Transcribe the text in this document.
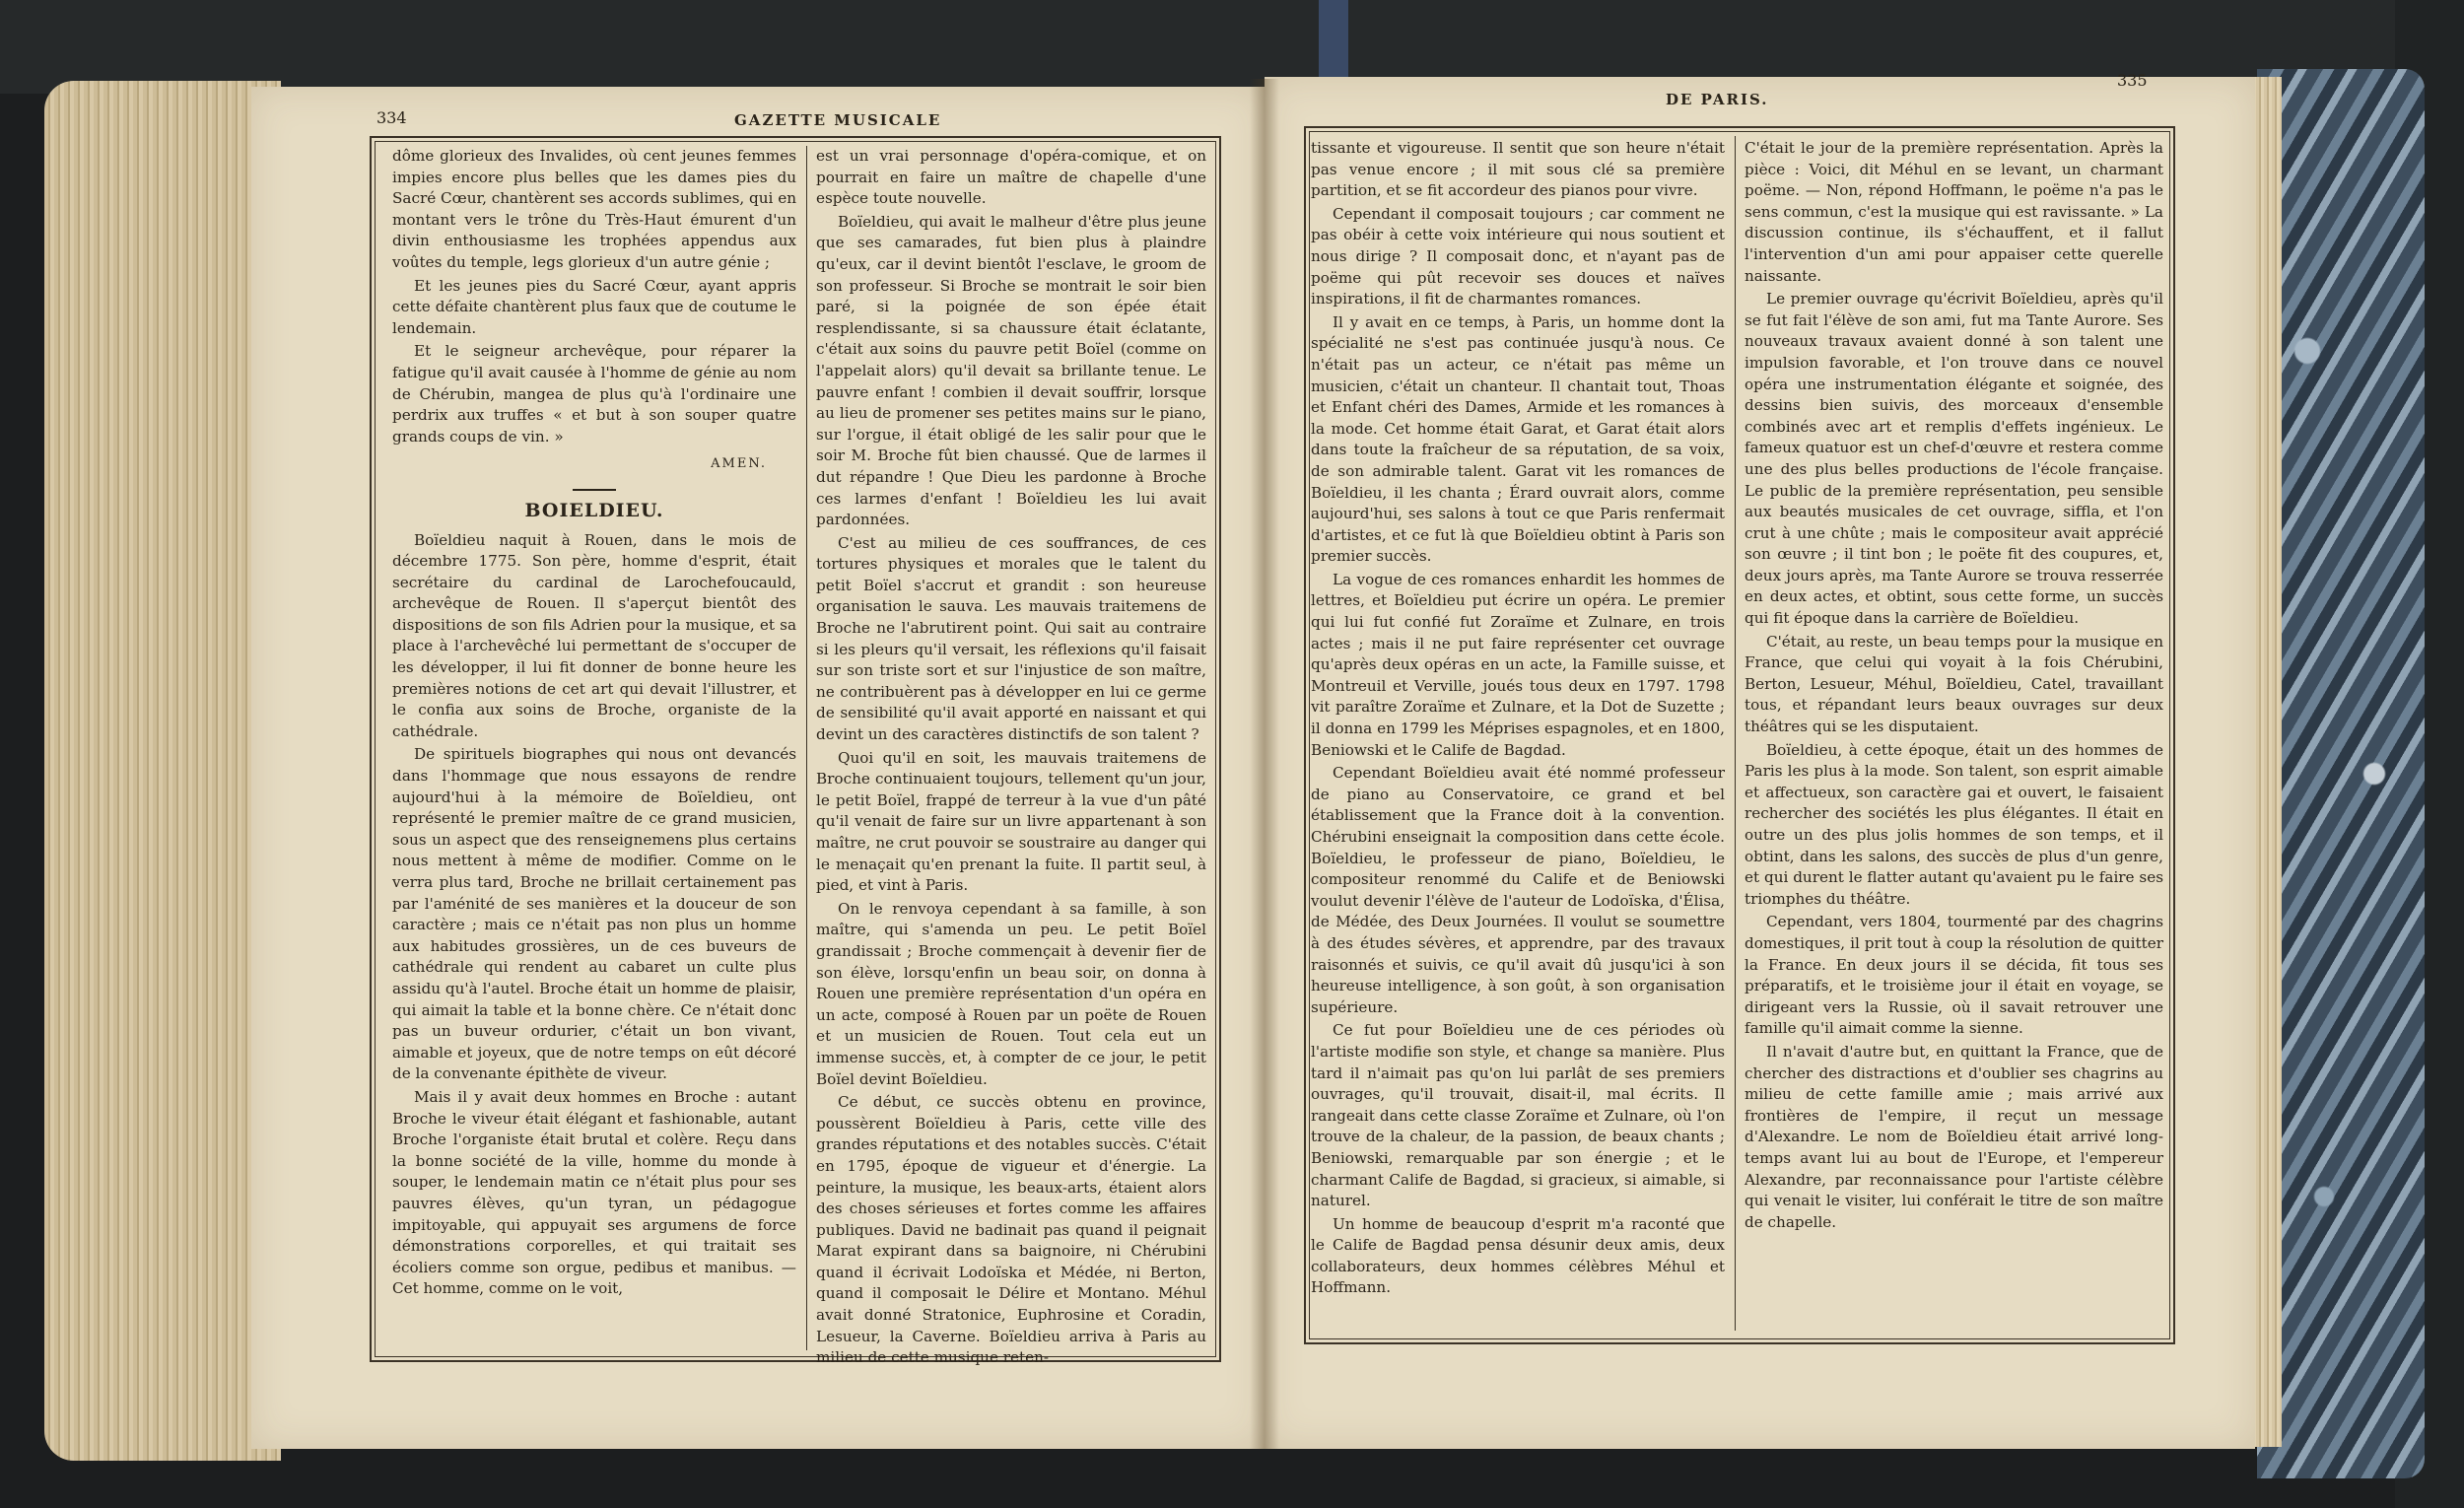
334	GAZETTE MUSICALE
DE PARIS.
335

dôme glorieux des Invalides, où cent jeunes femmes impies encore plus belles que les dames pies du Sacré Cœur, chantèrent ses accords sublimes, qui en montant vers le trône du Très-Haut émurent d'un divin enthousiasme les trophées appendus aux voûtes du temple, legs glorieux d'un autre génie ;

Et les jeunes pies du Sacré Cœur, ayant appris cette défaite chantèrent plus faux que de coutume le lendemain.

Et le seigneur archevêque, pour réparer la fatigue qu'il avait causée à l'homme de génie au nom de Chérubin, mangea de plus qu'à l'ordinaire une perdrix aux truffes « et but à son souper quatre grands coups de vin. »

AMEN.

BOIELDIEU.

Boïeldieu naquit à Rouen, dans le mois de décembre 1775. Son père, homme d'esprit, était secrétaire du cardinal de Larochefoucauld, archevêque de Rouen. Il s'aperçut bientôt des dispositions de son fils Adrien pour la musique, et sa place à l'archevêché lui permettant de s'occuper de les développer, il lui fit donner de bonne heure les premières notions de cet art qui devait l'illustrer, et le confia aux soins de Broche, organiste de la cathédrale.

De spirituels biographes qui nous ont devancés dans l'hommage que nous essayons de rendre aujourd'hui à la mémoire de Boïeldieu, ont représenté le premier maître de ce grand musicien, sous un aspect que des renseignemens plus certains nous mettent à même de modifier. Comme on le verra plus tard, Broche ne brillait certainement pas par l'aménité de ses manières et la douceur de son caractère ; mais ce n'était pas non plus un homme aux habitudes grossières, un de ces buveurs de cathédrale qui rendent au cabaret un culte plus assidu qu'à l'autel. Broche était un homme de plaisir, qui aimait la table et la bonne chère. Ce n'était donc pas un buveur ordurier, c'était un bon vivant, aimable et joyeux, que de notre temps on eût décoré de la convenante épithète de viveur.

Mais il y avait deux hommes en Broche : autant Broche le viveur était élégant et fashionable, autant Broche l'organiste était brutal et colère. Reçu dans la bonne société de la ville, homme du monde à souper, le lendemain matin ce n'était plus pour ses pauvres élèves, qu'un tyran, un pédagogue impitoyable, qui appuyait ses argumens de force démonstrations corporelles, et qui traitait ses écoliers comme son orgue, pedibus et manibus. — Cet homme, comme on le voit,

est un vrai personnage d'opéra-comique, et on pourrait en faire un maître de chapelle d'une espèce toute nouvelle.

Boïeldieu, qui avait le malheur d'être plus jeune que ses camarades, fut bien plus à plaindre qu'eux, car il devint bientôt l'esclave, le groom de son professeur. Si Broche se montrait le soir bien paré, si la poignée de son épée était resplendissante, si sa chaussure était éclatante, c'était aux soins du pauvre petit Boïel (comme on l'appelait alors) qu'il devait sa brillante tenue. Le pauvre enfant ! combien il devait souffrir, lorsque au lieu de promener ses petites mains sur le piano, sur l'orgue, il était obligé de les salir pour que le soir M. Broche fût bien chaussé. Que de larmes il dut répandre ! Que Dieu les pardonne à Broche ces larmes d'enfant ! Boïeldieu les lui avait pardonnées.

C'est au milieu de ces souffrances, de ces tortures physiques et morales que le talent du petit Boïel s'accrut et grandit : son heureuse organisation le sauva. Les mauvais traitemens de Broche ne l'abrutirent point. Qui sait au contraire si les pleurs qu'il versait, les réflexions qu'il faisait sur son triste sort et sur l'injustice de son maître, ne contribuèrent pas à développer en lui ce germe de sensibilité qu'il avait apporté en naissant et qui devint un des caractères distinctifs de son talent ?

Quoi qu'il en soit, les mauvais traitemens de Broche continuaient toujours, tellement qu'un jour, le petit Boïel, frappé de terreur à la vue d'un pâté qu'il venait de faire sur un livre appartenant à son maître, ne crut pouvoir se soustraire au danger qui le menaçait qu'en prenant la fuite. Il partit seul, à pied, et vint à Paris.

On le renvoya cependant à sa famille, à son maître, qui s'amenda un peu. Le petit Boïel grandissait ; Broche commençait à devenir fier de son élève, lorsqu'enfin un beau soir, on donna à Rouen une première représentation d'un opéra en un acte, composé à Rouen par un poëte de Rouen et un musicien de Rouen. Tout cela eut un immense succès, et, à compter de ce jour, le petit Boïel devint Boïeldieu.

Ce début, ce succès obtenu en province, poussèrent Boïeldieu à Paris, cette ville des grandes réputations et des notables succès. C'était en 1795, époque de vigueur et d'énergie. La peinture, la musique, les beaux-arts, étaient alors des choses sérieuses et fortes comme les affaires publiques. David ne badinait pas quand il peignait Marat expirant dans sa baignoire, ni Chérubini quand il écrivait Lodoïska et Médée, ni Berton, quand il composait le Délire et Montano. Méhul avait donné Stratonice, Euphrosine et Coradin, Lesueur, la Caverne. Boïeldieu arriva à Paris au milieu de cette musique reten-

tissante et vigoureuse. Il sentit que son heure n'était pas venue encore ; il mit sous clé sa première partition, et se fit accordeur des pianos pour vivre.

Cependant il composait toujours ; car comment ne pas obéir à cette voix intérieure qui nous soutient et nous dirige ? Il composait donc, et n'ayant pas de poëme qui pût recevoir ses douces et naïves inspirations, il fit de charmantes romances.

Il y avait en ce temps, à Paris, un homme dont la spécialité ne s'est pas continuée jusqu'à nous. Ce n'était pas un acteur, ce n'était pas même un musicien, c'était un chanteur. Il chantait tout, Thoas et Enfant chéri des Dames, Armide et les romances à la mode. Cet homme était Garat, et Garat était alors dans toute la fraîcheur de sa réputation, de sa voix, de son admirable talent. Garat vit les romances de Boïeldieu, il les chanta ; Érard ouvrait alors, comme aujourd'hui, ses salons à tout ce que Paris renfermait d'artistes, et ce fut là que Boïeldieu obtint à Paris son premier succès.

La vogue de ces romances enhardit les hommes de lettres, et Boïeldieu put écrire un opéra. Le premier qui lui fut confié fut Zoraïme et Zulnare, en trois actes ; mais il ne put faire représenter cet ouvrage qu'après deux opéras en un acte, la Famille suisse, et Montreuil et Verville, joués tous deux en 1797. 1798 vit paraître Zoraïme et Zulnare, et la Dot de Suzette ; il donna en 1799 les Méprises espagnoles, et en 1800, Beniowski et le Calife de Bagdad.

Cependant Boïeldieu avait été nommé professeur de piano au Conservatoire, ce grand et bel établissement que la France doit à la convention. Chérubini enseignait la composition dans cette école. Boïeldieu, le professeur de piano, Boïeldieu, le compositeur renommé du Calife et de Beniowski voulut devenir l'élève de l'auteur de Lodoïska, d'Élisa, de Médée, des Deux Journées. Il voulut se soumettre à des études sévères, et apprendre, par des travaux raisonnés et suivis, ce qu'il avait dû jusqu'ici à son heureuse intelligence, à son goût, à son organisation supérieure.

Ce fut pour Boïeldieu une de ces périodes où l'artiste modifie son style, et change sa manière. Plus tard il n'aimait pas qu'on lui parlât de ses premiers ouvrages, qu'il trouvait, disait-il, mal écrits. Il rangeait dans cette classe Zoraïme et Zulnare, où l'on trouve de la chaleur, de la passion, de beaux chants ; Beniowski, remarquable par son énergie ; et le charmant Calife de Bagdad, si gracieux, si aimable, si naturel.

Un homme de beaucoup d'esprit m'a raconté que le Calife de Bagdad pensa désunir deux amis, deux collaborateurs, deux hommes célèbres Méhul et Hoffmann.

C'était le jour de la première représentation. Après la pièce : Voici, dit Méhul en se levant, un charmant poëme. — Non, répond Hoffmann, le poëme n'a pas le sens commun, c'est la musique qui est ravissante. » La discussion continue, ils s'échauffent, et il fallut l'intervention d'un ami pour appaiser cette querelle naissante.

Le premier ouvrage qu'écrivit Boïeldieu, après qu'il se fut fait l'élève de son ami, fut ma Tante Aurore. Ses nouveaux travaux avaient donné à son talent une impulsion favorable, et l'on trouve dans ce nouvel opéra une instrumentation élégante et soignée, des dessins bien suivis, des morceaux d'ensemble combinés avec art et remplis d'effets ingénieux. Le fameux quatuor est un chef-d'œuvre et restera comme une des plus belles productions de l'école française. Le public de la première représentation, peu sensible aux beautés musicales de cet ouvrage, siffla, et l'on crut à une chûte ; mais le compositeur avait apprécié son œuvre ; il tint bon ; le poëte fit des coupures, et, deux jours après, ma Tante Aurore se trouva resserrée en deux actes, et obtint, sous cette forme, un succès qui fit époque dans la carrière de Boïeldieu.

C'était, au reste, un beau temps pour la musique en France, que celui qui voyait à la fois Chérubini, Berton, Lesueur, Méhul, Boïeldieu, Catel, travaillant tous, et répandant leurs beaux ouvrages sur deux théâtres qui se les disputaient.

Boïeldieu, à cette époque, était un des hommes de Paris les plus à la mode. Son talent, son esprit aimable et affectueux, son caractère gai et ouvert, le faisaient rechercher des sociétés les plus élégantes. Il était en outre un des plus jolis hommes de son temps, et il obtint, dans les salons, des succès de plus d'un genre, et qui durent le flatter autant qu'avaient pu le faire ses triomphes du théâtre.

Cependant, vers 1804, tourmenté par des chagrins domestiques, il prit tout à coup la résolution de quitter la France. En deux jours il se décida, fit tous ses préparatifs, et le troisième jour il était en voyage, se dirigeant vers la Russie, où il savait retrouver une famille qu'il aimait comme la sienne.

Il n'avait d'autre but, en quittant la France, que de chercher des distractions et d'oublier ses chagrins au milieu de cette famille amie ; mais arrivé aux frontières de l'empire, il reçut un message d'Alexandre. Le nom de Boïeldieu était arrivé long-temps avant lui au bout de l'Europe, et l'empereur Alexandre, par reconnaissance pour l'artiste célèbre qui venait le visiter, lui conférait le titre de son maître de chapelle.
